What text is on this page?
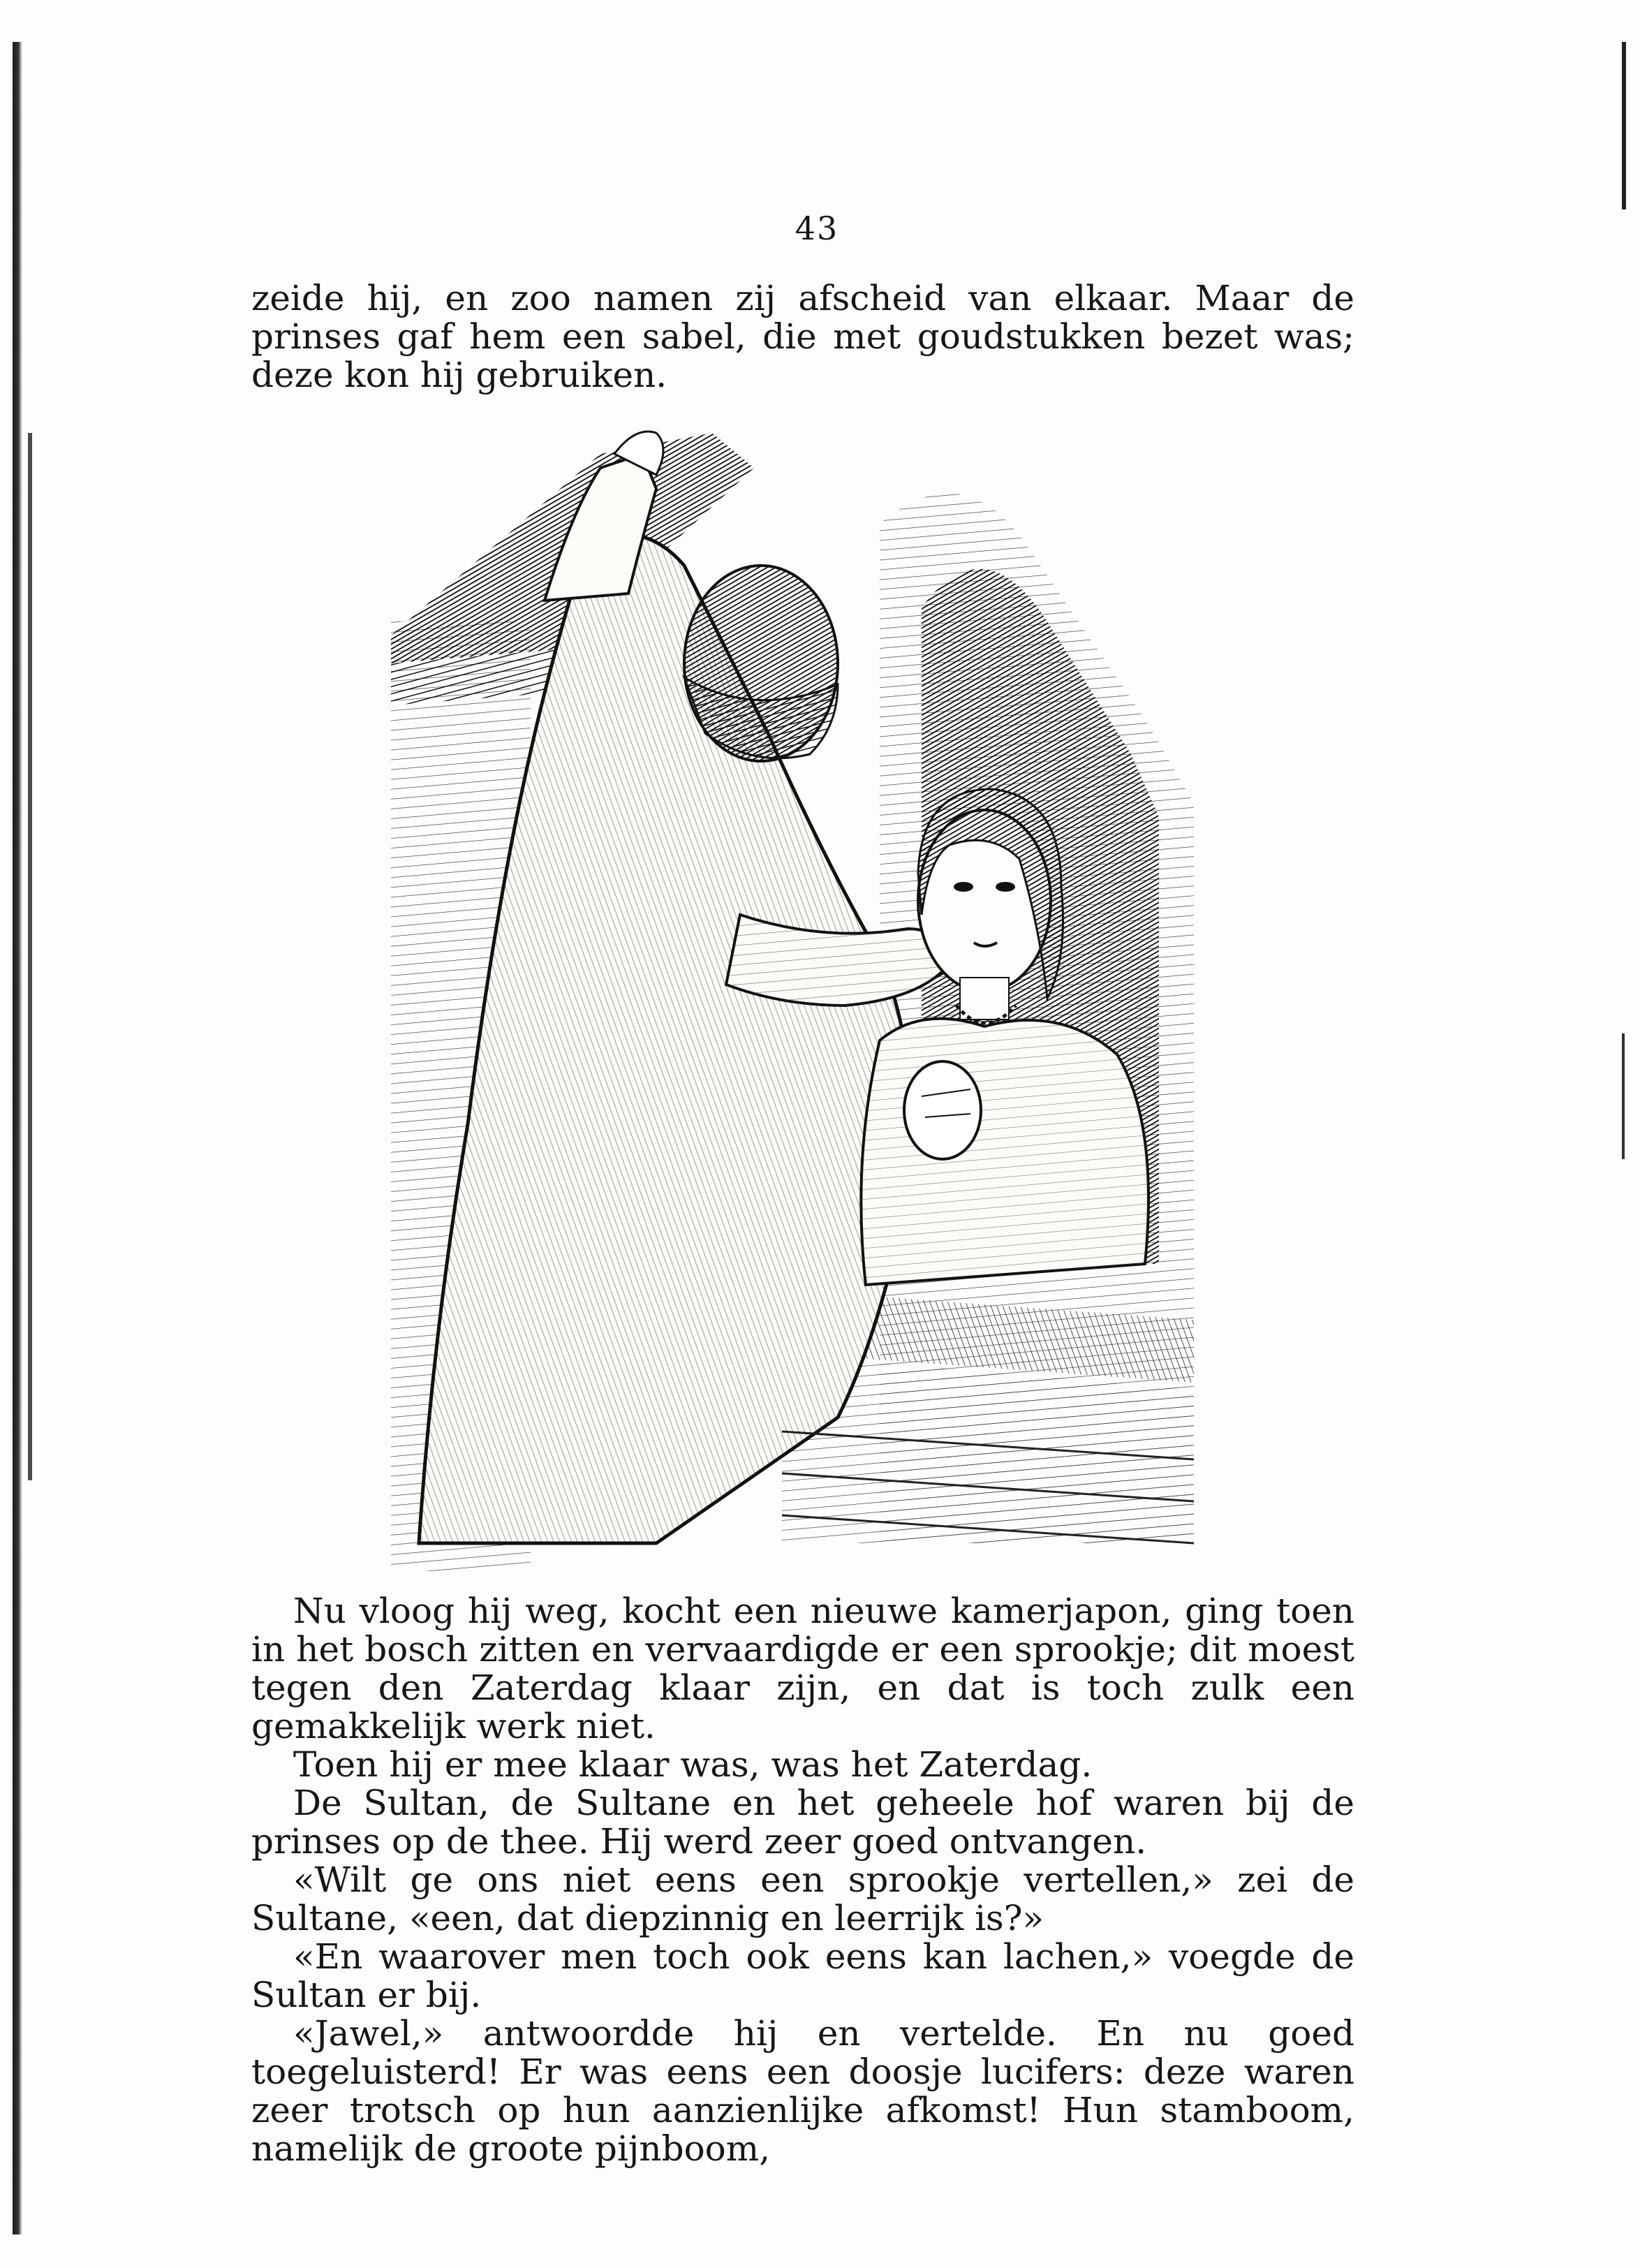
43

zeide hij, en zoo namen zij afscheid van elkaar. Maar de prinses gaf hem een sabel, die met goudstukken bezet was; deze kon hij gebruiken.

Nu vloog hij weg, kocht een nieuwe kamerjapon, ging toen in het bosch zitten en vervaardigde er een sprookje; dit moest tegen den Zaterdag klaar zijn, en dat is toch zulk een gemakkelijk werk niet.

Toen hij er mee klaar was, was het Zaterdag.

De Sultan, de Sultane en het geheele hof waren bij de prinses op de thee. Hij werd zeer goed ontvangen.

«Wilt ge ons niet eens een sprookje vertellen,» zei de Sultane, «een, dat diepzinnig en leerrijk is?»

«En waarover men toch ook eens kan lachen,» voegde de Sultan er bij.

«Jawel,» antwoordde hij en vertelde. En nu goed toegeluisterd! Er was eens een doosje lucifers: deze waren zeer trotsch op hun aanzienlijke afkomst! Hun stamboom, namelijk de groote pijnboom,
